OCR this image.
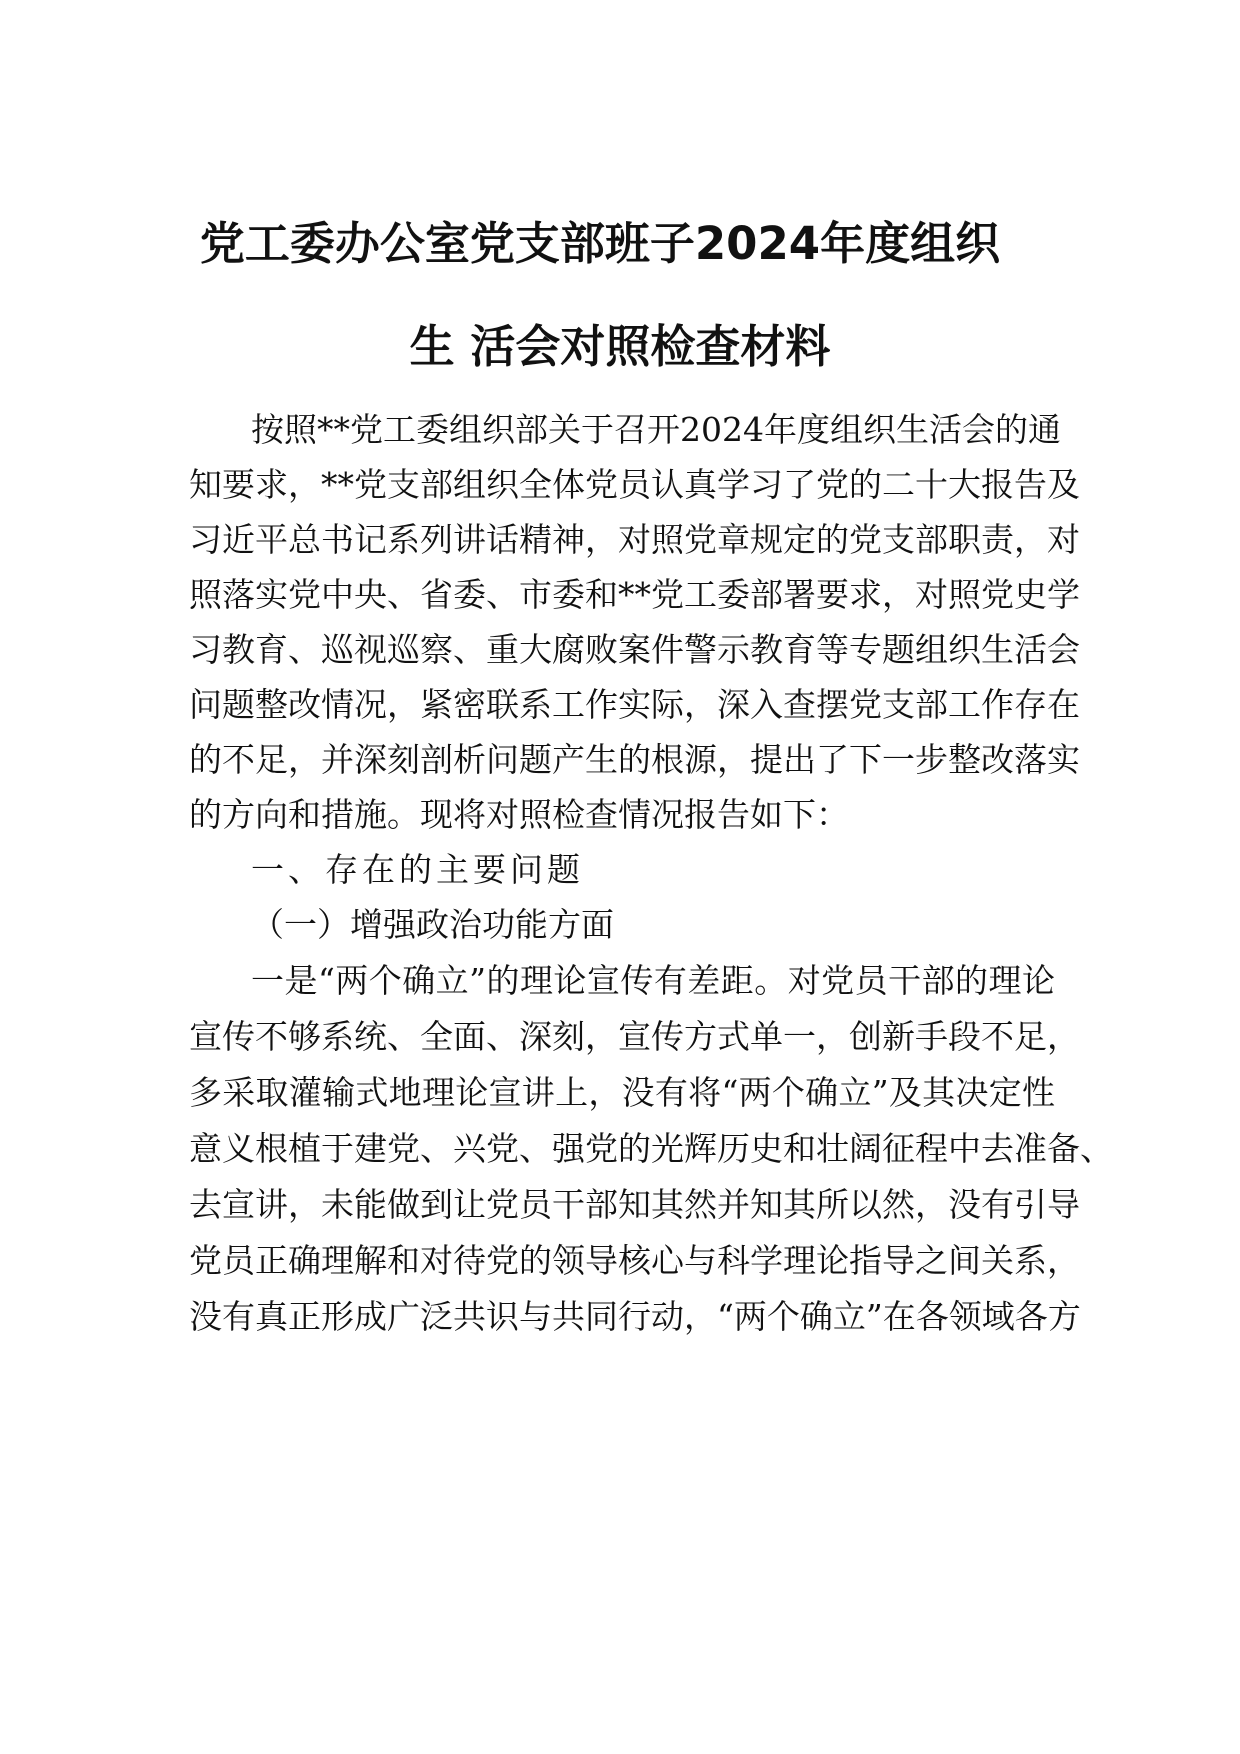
党工委办公室党支部班子2024年度组织
生 活会对照检查材料
按照**党工委组织部关于召开2024年度组织生活会的通
知要求，**党支部组织全体党员认真学习了党的二十大报告及
习近平总书记系列讲话精神，对照党章规定的党支部职责，对
照落实党中央、省委、市委和**党工委部署要求，对照党史学
习教育、巡视巡察、重大腐败案件警示教育等专题组织生活会
问题整改情况，紧密联系工作实际，深入查摆党支部工作存在
的不足，并深刻剖析问题产生的根源，提出了下一步整改落实
的方向和措施。现将对照检查情况报告如下：
一、存在的主要问题
（一）增强政治功能方面
一是“两个确立”的理论宣传有差距。对党员干部的理论
宣传不够系统、全面、深刻，宣传方式单一，创新手段不足，
多采取灌输式地理论宣讲上，没有将“两个确立”及其决定性
意义根植于建党、兴党、强党的光辉历史和壮阔征程中去准备、
去宣讲，未能做到让党员干部知其然并知其所以然，没有引导
党员正确理解和对待党的领导核心与科学理论指导之间关系，
没有真正形成广泛共识与共同行动，“两个确立”在各领域各方
